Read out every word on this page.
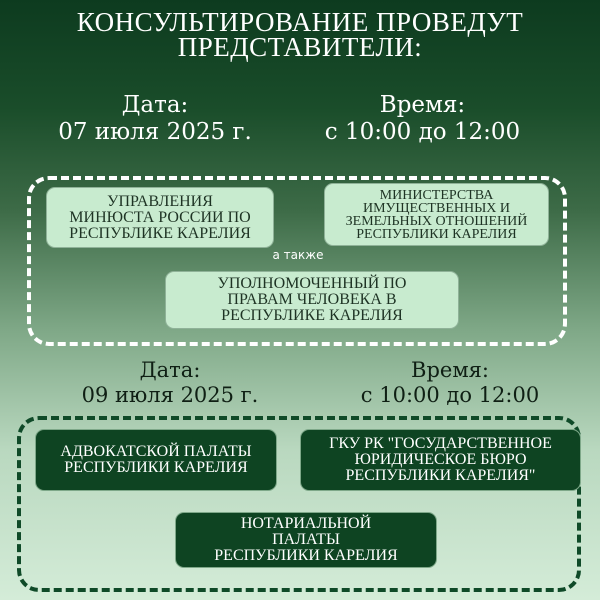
КОНСУЛЬТИРОВАНИЕ ПРОВЕДУТ
ПРЕДСТАВИТЕЛИ:
Дата:
07 июля 2025 г.
Время:
с 10:00 до 12:00
УПРАВЛЕНИЯ
МИНЮСТА РОССИИ ПО
РЕСПУБЛИКЕ КАРЕЛИЯ
МИНИСТЕРСТВА
ИМУЩЕСТВЕННЫХ И
ЗЕМЕЛЬНЫХ ОТНОШЕНИЙ
РЕСПУБЛИКИ КАРЕЛИЯ
а также
УПОЛНОМОЧЕННЫЙ ПО
ПРАВАМ ЧЕЛОВЕКА В
РЕСПУБЛИКЕ КАРЕЛИЯ
Дата:
09 июля 2025 г.
Время:
с 10:00 до 12:00
АДВОКАТСКОЙ ПАЛАТЫ
РЕСПУБЛИКИ КАРЕЛИЯ
ГКУ РК "ГОСУДАРСТВЕННОЕ
ЮРИДИЧЕСКОЕ БЮРО
РЕСПУБЛИКИ КАРЕЛИЯ"
НОТАРИАЛЬНОЙ
ПАЛАТЫ
РЕСПУБЛИКИ КАРЕЛИЯ
